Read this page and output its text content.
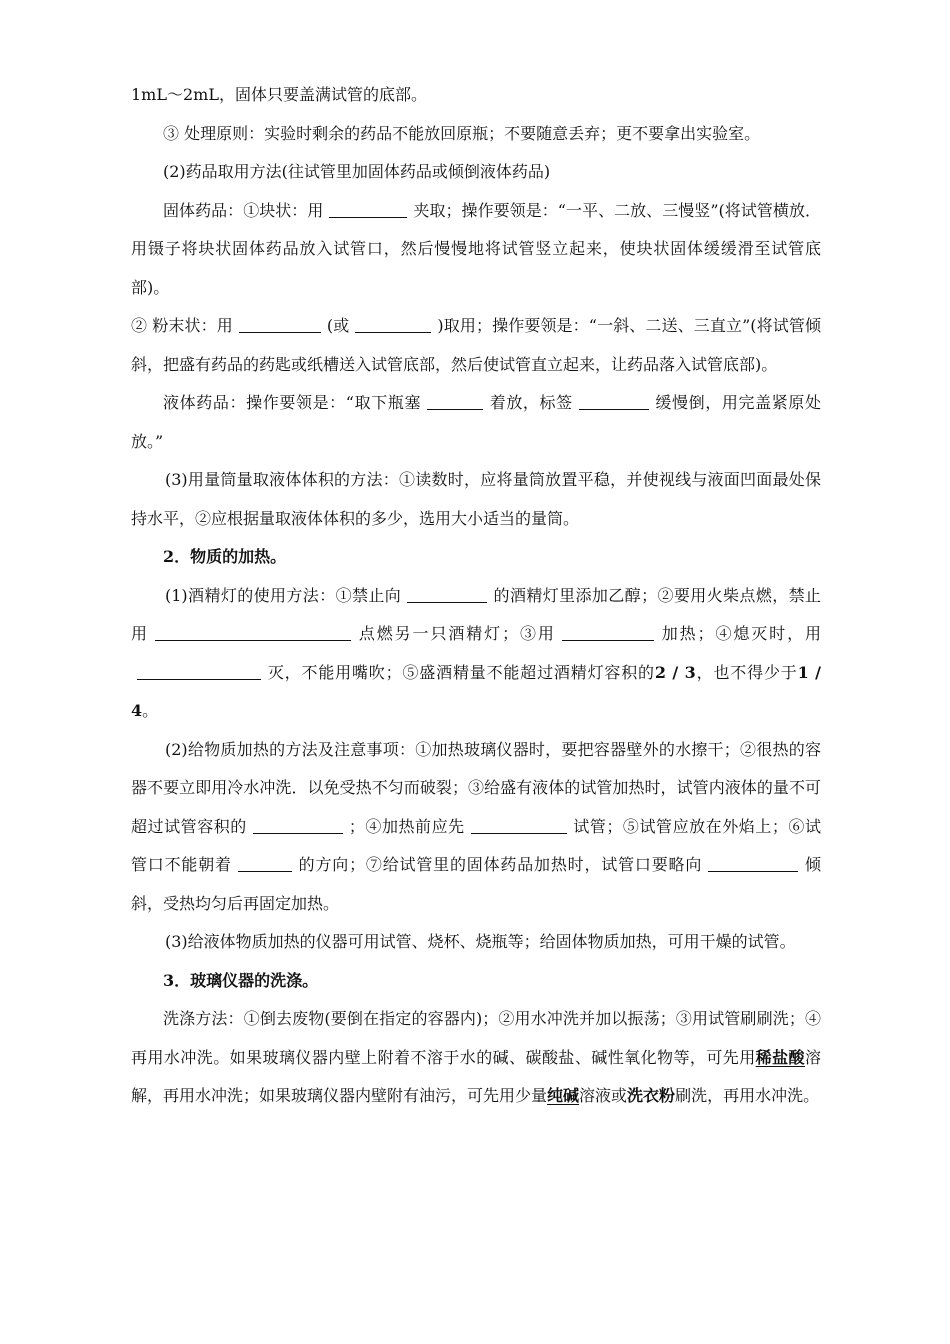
1mL～2mL，固体只要盖满试管的底部。

③ 处理原则：实验时剩余的药品不能放回原瓶；不要随意丢弃；更不要拿出实验室。

(2)药品取用方法(往试管里加固体药品或倾倒液体药品)

固体药品：①块状：用	夹取；操作要领是：“一平、二放、三慢竖”(将试管横放．用镊子将块状固体药品放入试管口，然后慢慢地将试管竖立起来，使块状固体缓缓滑至试管底部)。

② 粉末状：用	(或	)取用；操作要领是：“一斜、二送、三直立”(将试管倾斜，把盛有药品的药匙或纸槽送入试管底部，然后使试管直立起来，让药品落入试管底部)。

液体药品：操作要领是：“取下瓶塞	着放，标签	缓慢倒，用完盖紧原处放。”

(3)用量筒量取液体体积的方法：①读数时，应将量筒放置平稳，并使视线与液面凹面最处保持水平，②应根据量取液体体积的多少，选用大小适当的量筒。

2．物质的加热。

(1)酒精灯的使用方法：①禁止向	的酒精灯里添加乙醇；②要用火柴点燃，禁止用	点燃另一只酒精灯；③用	加热；④熄灭时，用灭，不能用嘴吹；⑤盛酒精量不能超过酒精灯容积的2 / 3，也不得少于1 / 4。

(2)给物质加热的方法及注意事项：①加热玻璃仪器时，要把容器壁外的水擦干；②很热的容器不要立即用冷水冲洗．以免受热不匀而破裂；③给盛有液体的试管加热时，试管内液体的量不可超过试管容积的	；④加热前应先	试管；⑤试管应放在外焰上；⑥试管口不能朝着	的方向；⑦给试管里的固体药品加热时，试管口要略向	倾斜，受热均匀后再固定加热。

(3)给液体物质加热的仪器可用试管、烧杯、烧瓶等；给固体物质加热，可用干燥的试管。

3．玻璃仪器的洗涤。

洗涤方法：①倒去废物(要倒在指定的容器内)；②用水冲洗并加以振荡；③用试管刷刷洗；④再用水冲洗。如果玻璃仪器内壁上附着不溶于水的碱、碳酸盐、碱性氧化物等，可先用稀盐酸溶解，再用水冲洗；如果玻璃仪器内壁附有油污，可先用少量纯碱溶液或洗衣粉刷洗，再用水冲洗。
